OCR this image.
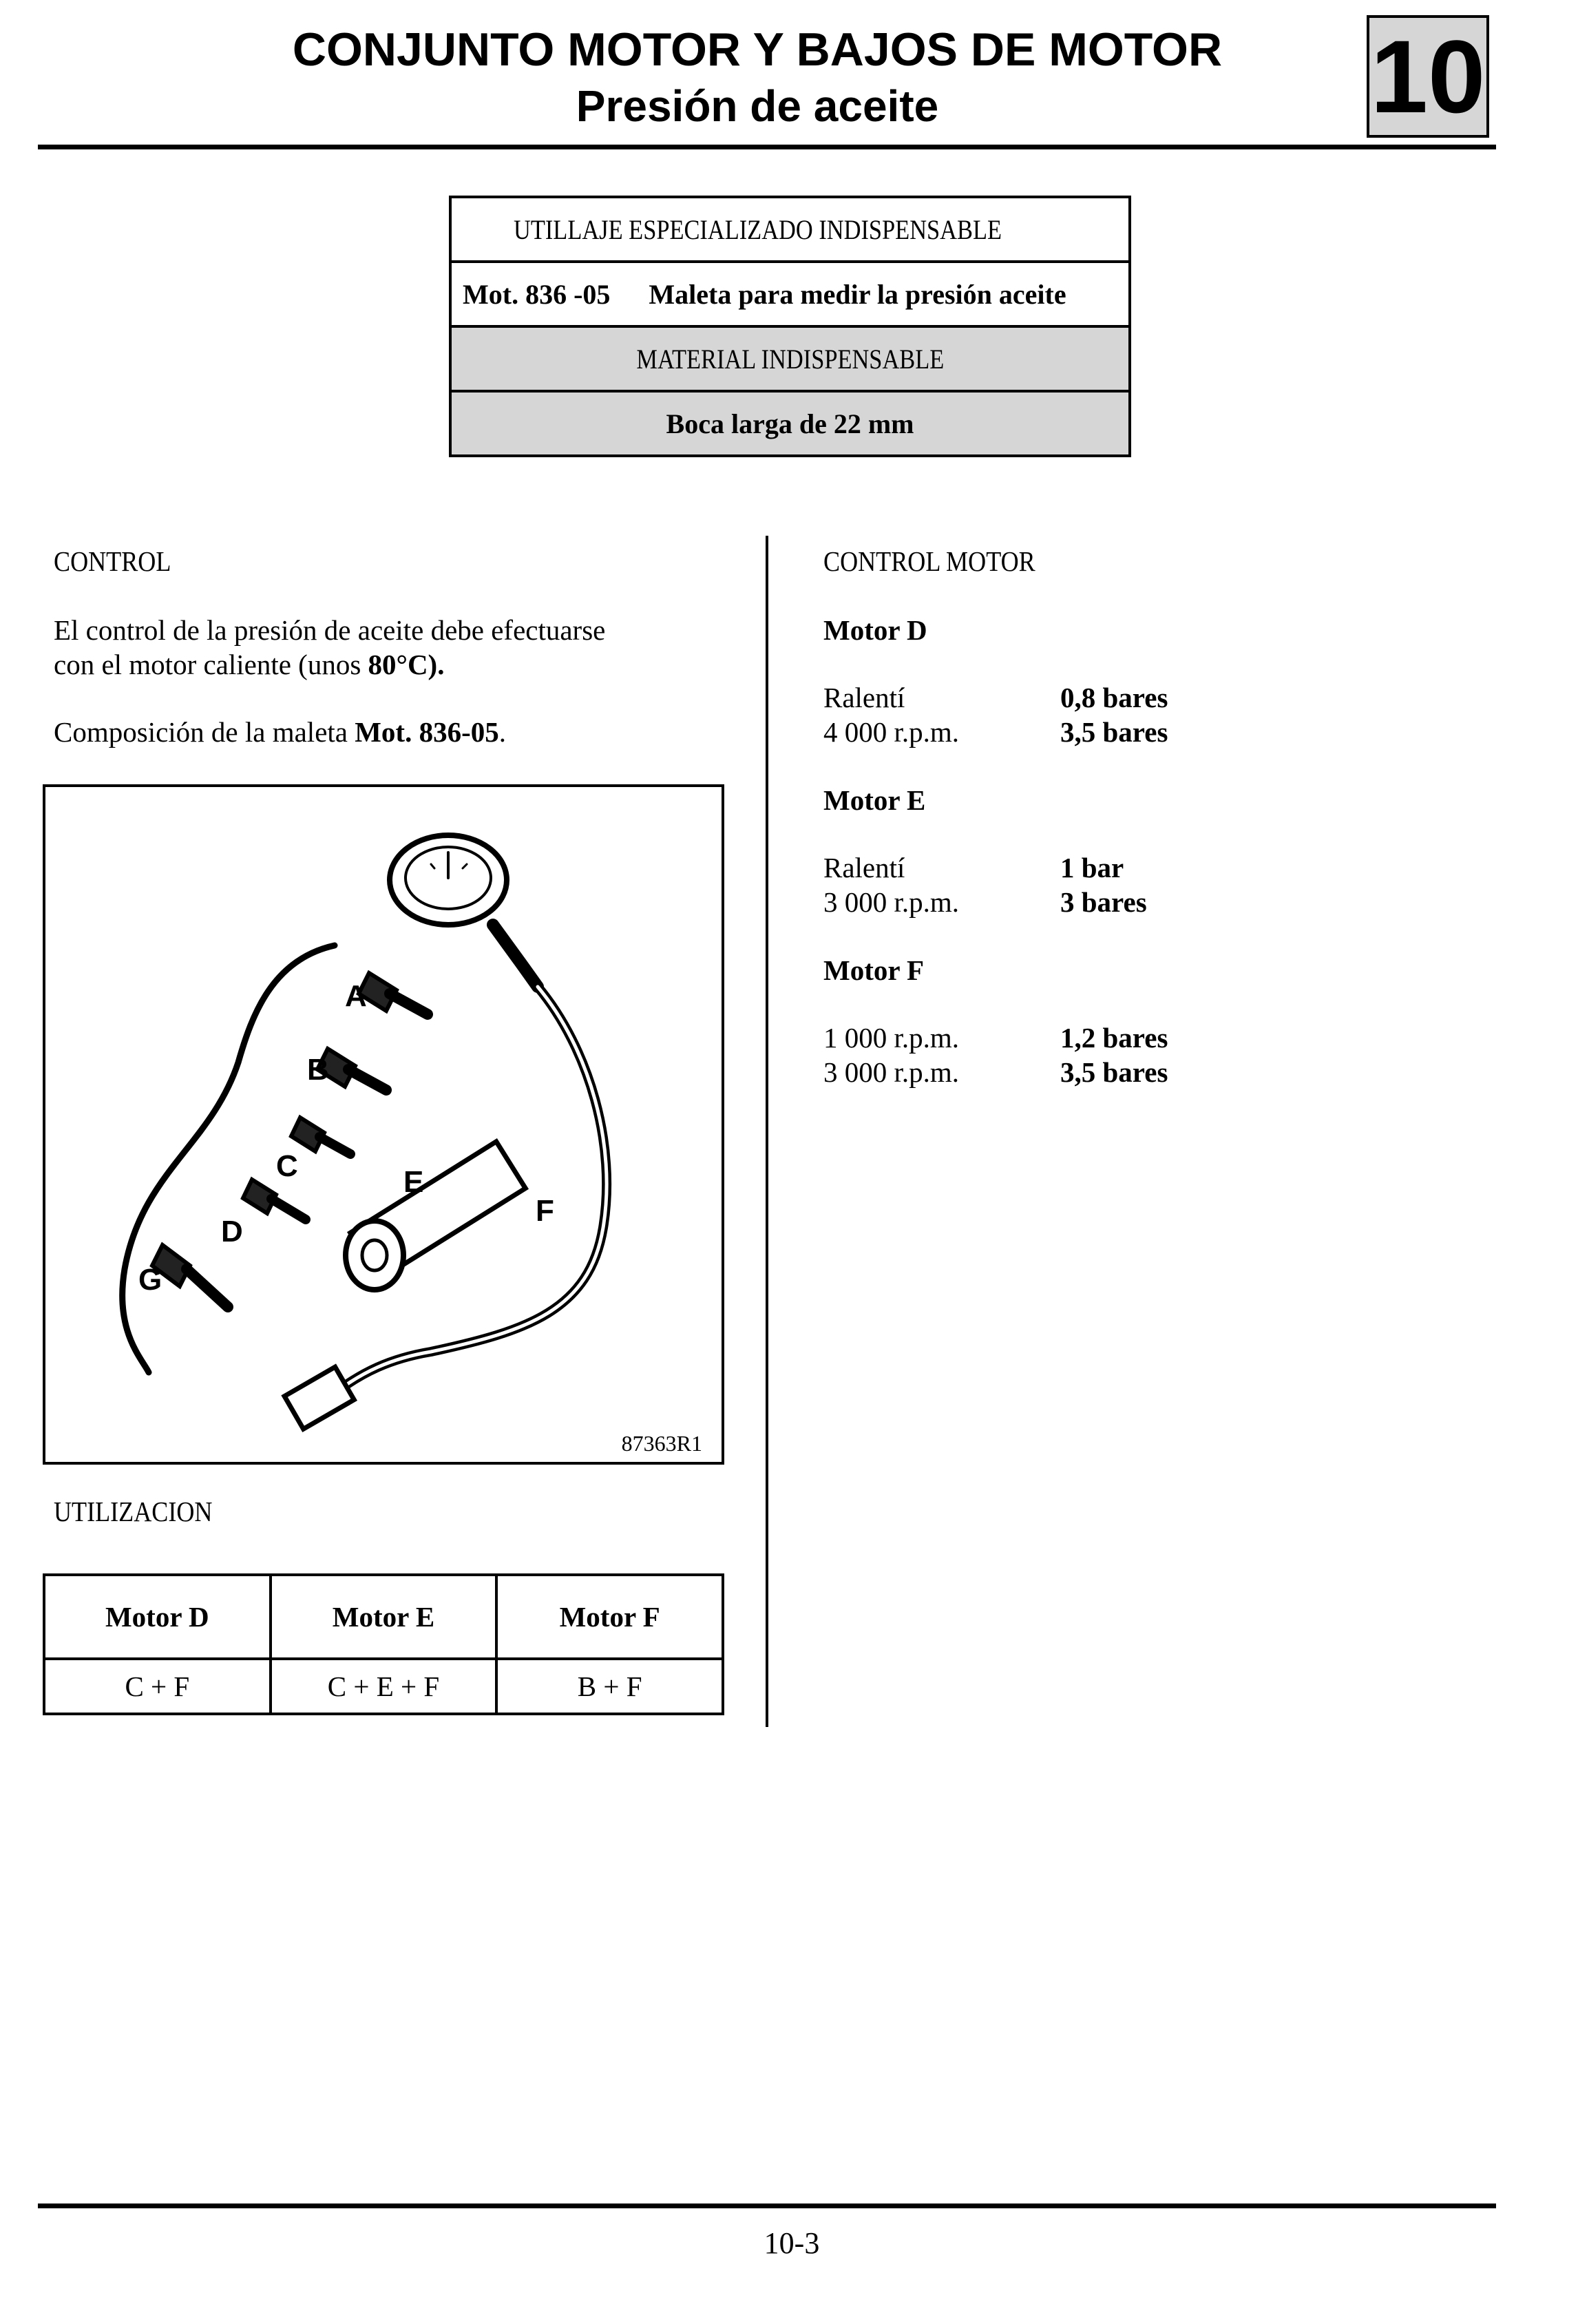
CONJUNTO MOTOR Y BAJOS DE MOTOR
Presión de aceite	10
UTILLAJE ESPECIALIZADO INDISPENSABLE
Mot. 836 -05 Maleta para medir la presión aceite
MATERIAL INDISPENSABLE
Boca larga de 22 mm
CONTROL
El control de la presión de aceite debe efectuarse
con el motor caliente (unos 80°C).
Composición de la maleta Mot. 836-05.
A
B
C
D
E
F
G
87363R1
UTILIZACION
Motor D	Motor E	Motor F
C + F	C + E + F	B + F
CONTROL MOTOR
Motor D
Ralentí	0,8 bares
4 000 r.p.m.	3,5 bares
Motor E
Ralentí	1 bar
3 000 r.p.m.	3 bares
Motor F
1 000 r.p.m.	1,2 bares
3 000 r.p.m.	3,5 bares
10-3
